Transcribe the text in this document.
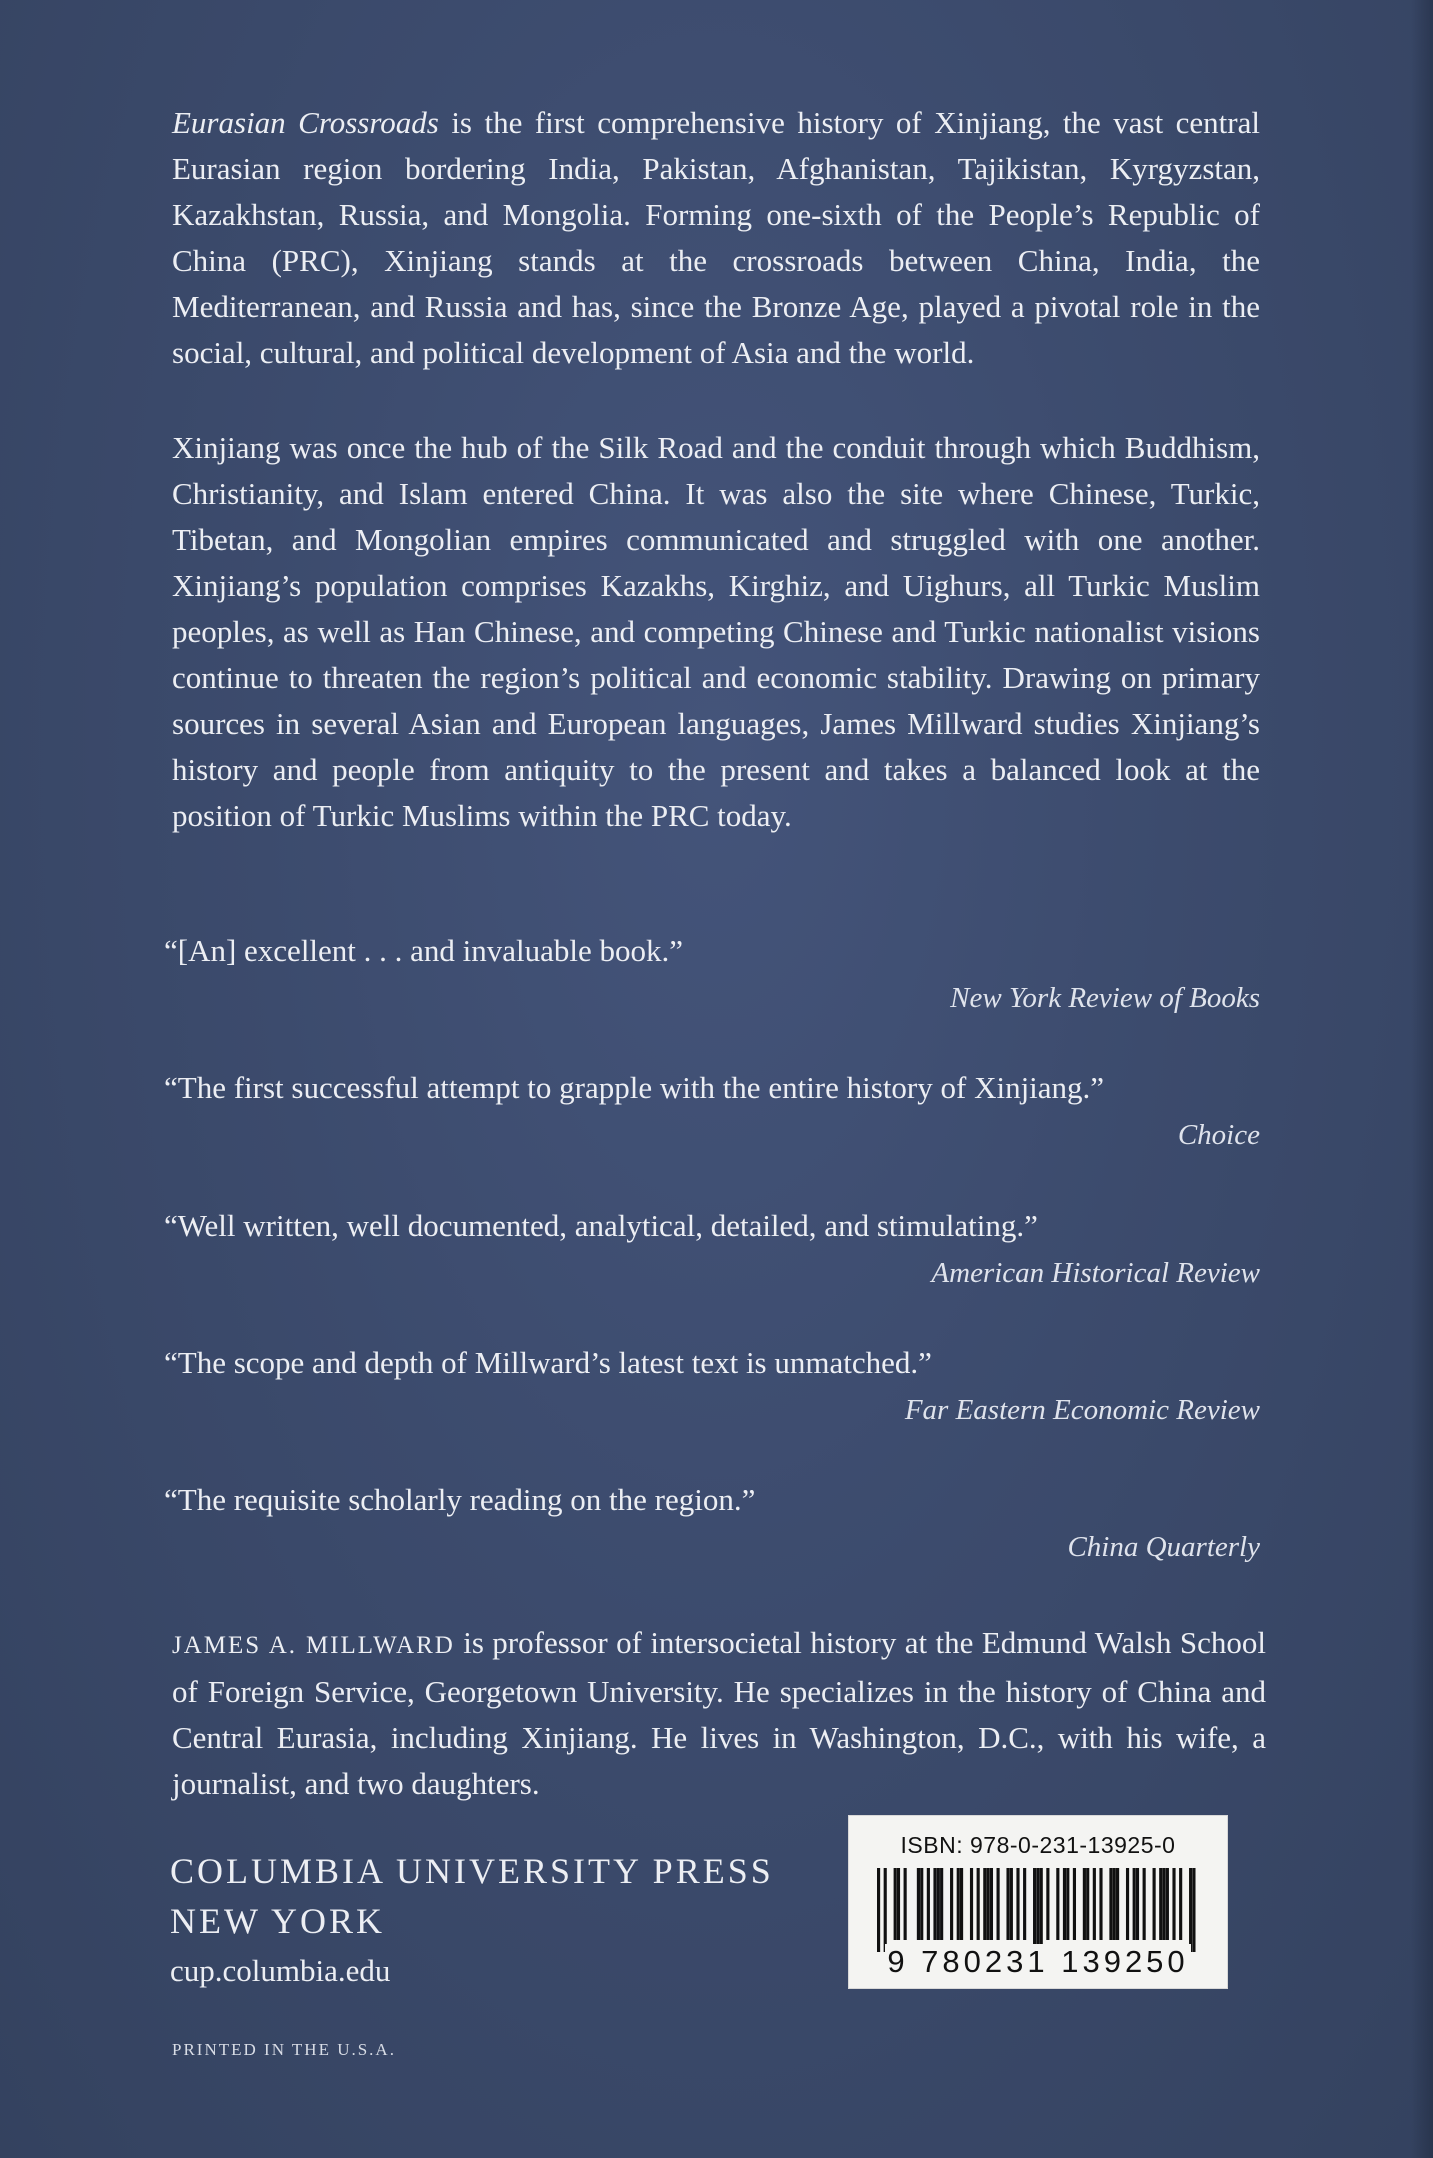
Eurasian Crossroads is the first comprehensive history of Xinjiang, the vast central Eurasian region bordering India, Pakistan, Afghanistan, Tajikistan, Kyrgyzstan, Kazakhstan, Russia, and Mongolia. Forming one-sixth of the People’s Republic of China (PRC), Xinjiang stands at the crossroads between China, India, the Mediterranean, and Russia and has, since the Bronze Age, played a pivotal role in the social, cultural, and political development of Asia and the world.

Xinjiang was once the hub of the Silk Road and the conduit through which Buddhism, Christianity, and Islam entered China. It was also the site where Chinese, Turkic, Tibetan, and Mongolian empires communicated and struggled with one another. Xinjiang’s population comprises Kazakhs, Kirghiz, and Uighurs, all Turkic Muslim peoples, as well as Han Chinese, and competing Chinese and Turkic nationalist visions continue to threaten the region’s political and economic stability. Drawing on primary sources in several Asian and European languages, James Millward studies Xinjiang’s history and people from antiquity to the present and takes a balanced look at the position of Turkic Muslims within the PRC today.

“[An] excellent . . . and invaluable book.”
New York Review of Books
“The first successful attempt to grapple with the entire history of Xinjiang.”
Choice
“Well written, well documented, analytical, detailed, and stimulating.”
American Historical Review
“The scope and depth of Millward’s latest text is unmatched.”
Far Eastern Economic Review
“The requisite scholarly reading on the region.”
China Quarterly

JAMES A. MILLWARD is professor of intersocietal history at the Edmund Walsh School of Foreign Service, Georgetown University. He specializes in the history of China and Central Eurasia, including Xinjiang. He lives in Washington, D.C., with his wife, a journalist, and two daughters.

COLUMBIA UNIVERSITY PRESS
NEW YORK
cup.columbia.edu
PRINTED IN THE U.S.A.
ISBN: 978-0-231-13925-0
9 780231 139250
